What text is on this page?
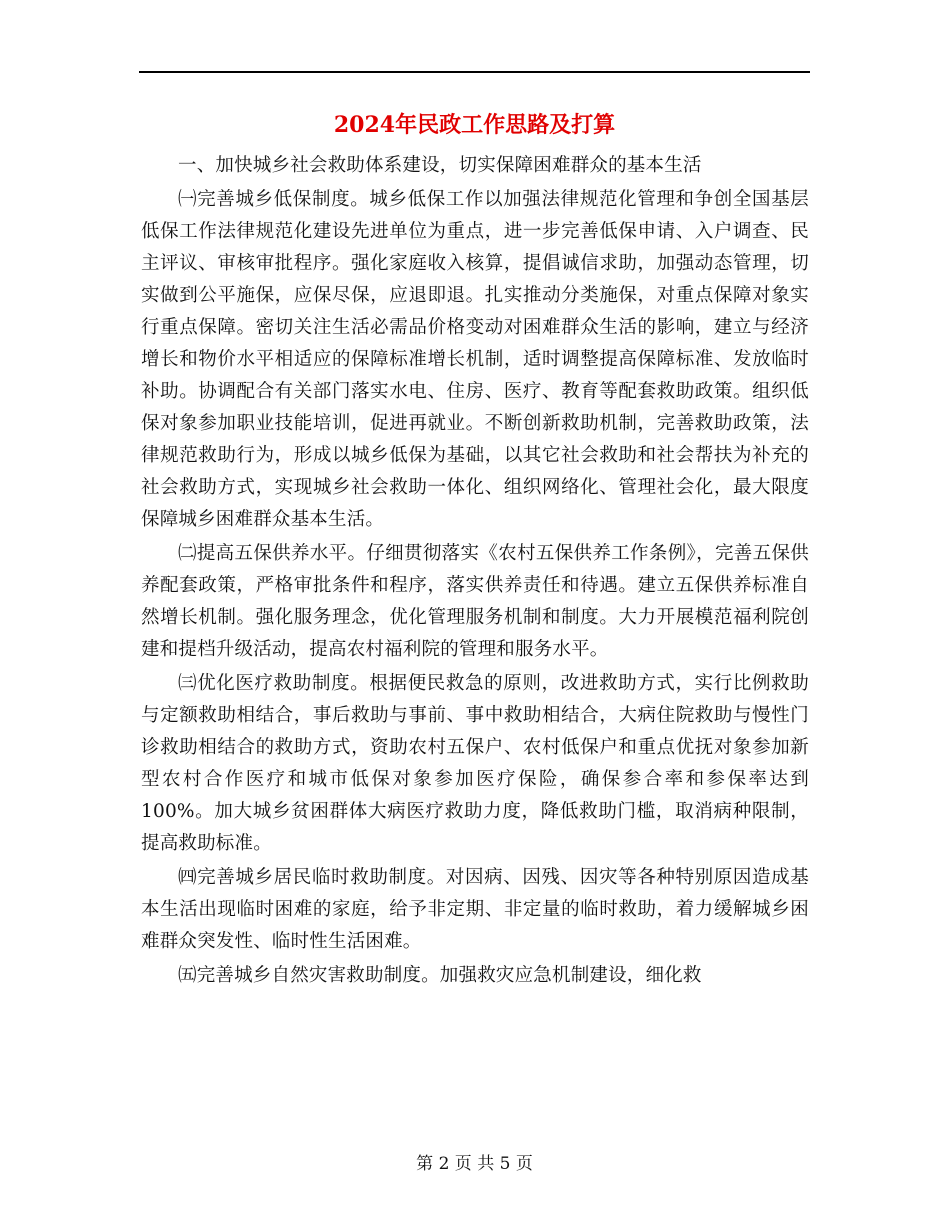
2024年民政工作思路及打算

一、加快城乡社会救助体系建设，切实保障困难群众的基本生活

㈠完善城乡低保制度。城乡低保工作以加强法律规范化管理和争创全国基层低保工作法律规范化建设先进单位为重点，进一步完善低保申请、入户调查、民主评议、审核审批程序。强化家庭收入核算，提倡诚信求助，加强动态管理，切实做到公平施保，应保尽保，应退即退。扎实推动分类施保，对重点保障对象实行重点保障。密切关注生活必需品价格变动对困难群众生活的影响，建立与经济增长和物价水平相适应的保障标准增长机制，适时调整提高保障标准、发放临时补助。协调配合有关部门落实水电、住房、医疗、教育等配套救助政策。组织低保对象参加职业技能培训，促进再就业。不断创新救助机制，完善救助政策，法律规范救助行为，形成以城乡低保为基础，以其它社会救助和社会帮扶为补充的社会救助方式，实现城乡社会救助一体化、组织网络化、管理社会化，最大限度保障城乡困难群众基本生活。

㈡提高五保供养水平。仔细贯彻落实《农村五保供养工作条例》，完善五保供养配套政策，严格审批条件和程序，落实供养责任和待遇。建立五保供养标准自然增长机制。强化服务理念，优化管理服务机制和制度。大力开展模范福利院创建和提档升级活动，提高农村福利院的管理和服务水平。

㈢优化医疗救助制度。根据便民救急的原则，改进救助方式，实行比例救助与定额救助相结合，事后救助与事前、事中救助相结合，大病住院救助与慢性门诊救助相结合的救助方式，资助农村五保户、农村低保户和重点优抚对象参加新型农村合作医疗和城市低保对象参加医疗保险，确保参合率和参保率达到100%。加大城乡贫困群体大病医疗救助力度，降低救助门槛，取消病种限制，提高救助标准。

㈣完善城乡居民临时救助制度。对因病、因残、因灾等各种特别原因造成基本生活出现临时困难的家庭，给予非定期、非定量的临时救助，着力缓解城乡困难群众突发性、临时性生活困难。

㈤完善城乡自然灾害救助制度。加强救灾应急机制建设，细化救

第 2 页 共 5 页
